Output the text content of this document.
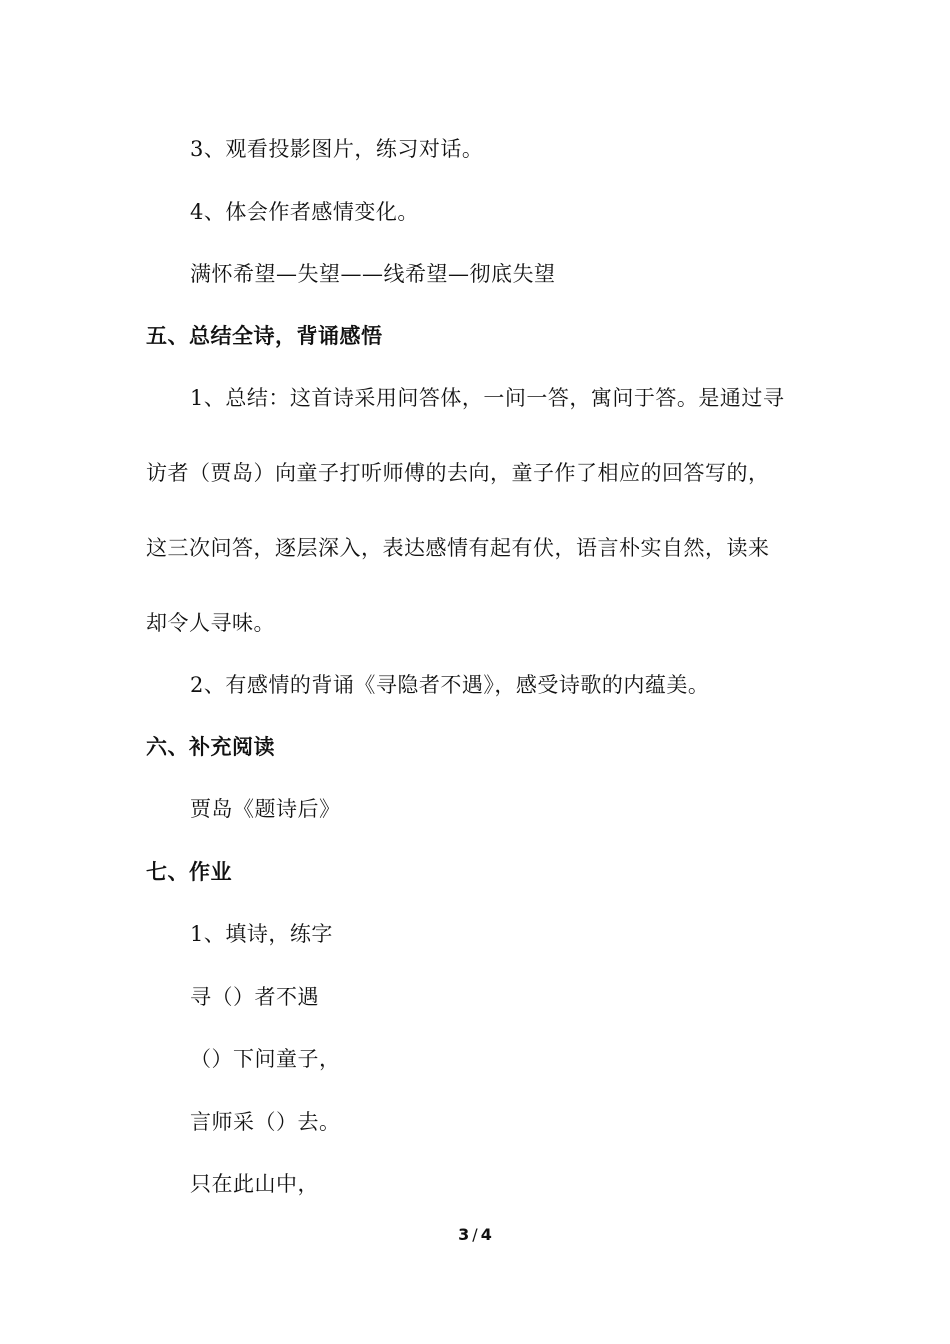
3、观看投影图片，练习对话。
4、体会作者感情变化。
满怀希望—失望——线希望—彻底失望
五、总结全诗，背诵感悟
1、总结：这首诗采用问答体，一问一答，寓问于答。是通过寻
访者（贾岛）向童子打听师傅的去向，童子作了相应的回答写的，
这三次问答，逐层深入，表达感情有起有伏，语言朴实自然，读来
却令人寻味。
2、有感情的背诵《寻隐者不遇》，感受诗歌的内蕴美。
六、补充阅读
贾岛《题诗后》
七、作业
1、填诗，练字
寻（）者不遇
（）下问童子，
言师采（）去。
只在此山中，
3 / 4
